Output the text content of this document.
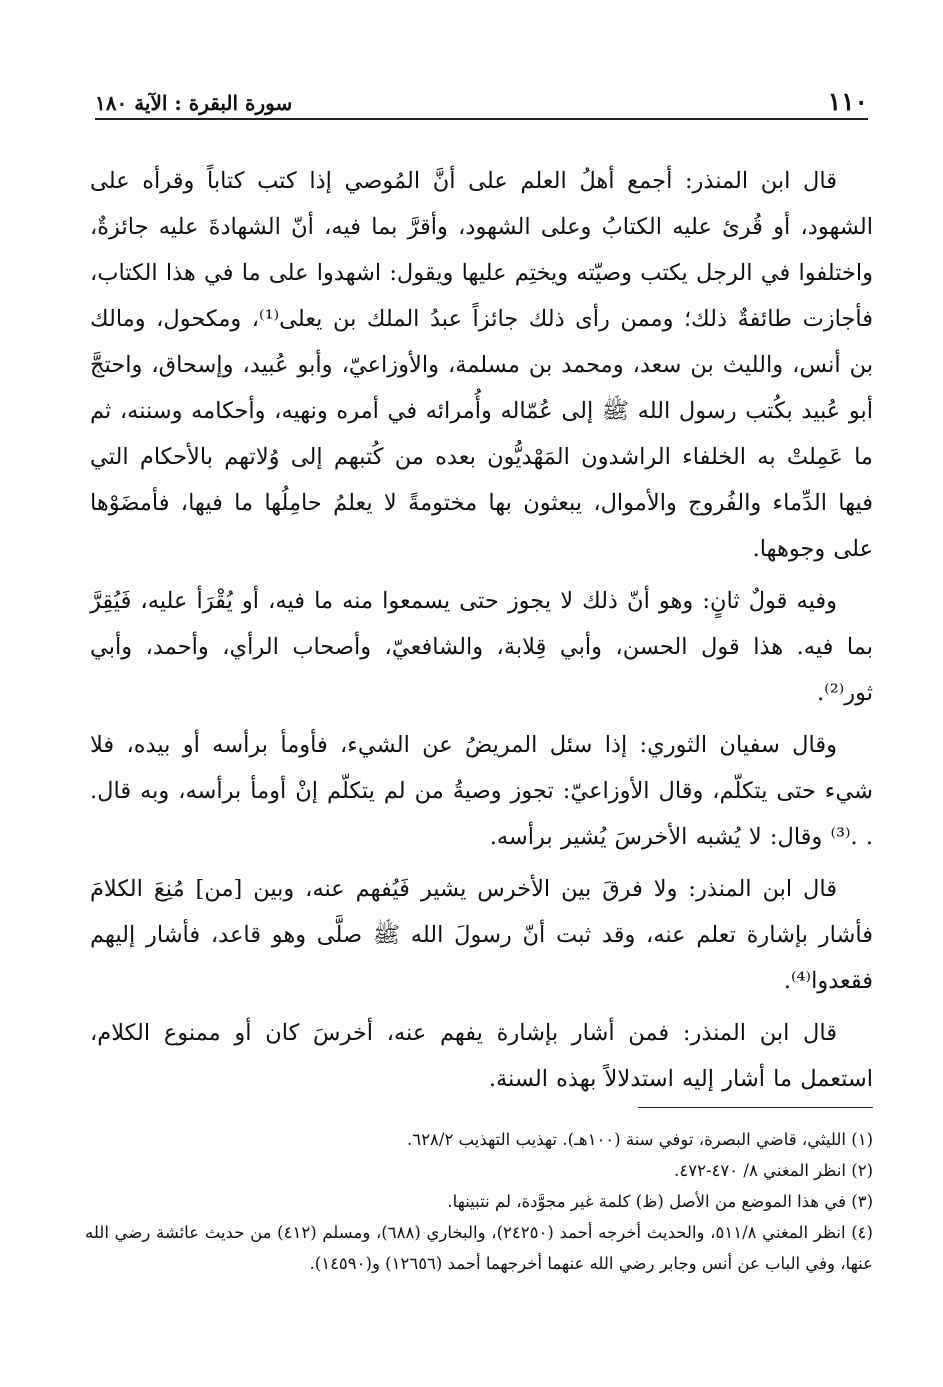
١١٠
سورة البقرة : الآية ١٨٠

قال ابن المنذر: أجمع أهلُ العلم على أنَّ المُوصي إذا كتب كتاباً وقرأه على الشهود، أو قُرئ عليه الكتابُ وعلى الشهود، وأقرَّ بما فيه، أنّ الشهادةَ عليه جائزةٌ، واختلفوا في الرجل يكتب وصيّته ويختِم عليها ويقول: اشهدوا على ما في هذا الكتاب، فأجازت طائفةٌ ذلك؛ وممن رأى ذلك جائزاً عبدُ الملك بن يعلى⁽¹⁾، ومكحول، ومالك بن أنس، والليث بن سعد، ومحمد بن مسلمة، والأوزاعيّ، وأبو عُبيد، وإسحاق، واحتجَّ أبو عُبيد بكُتب رسول الله ﷺ إلى عُمّاله وأُمرائه في أمره ونهيه، وأحكامه وسننه، ثم ما عَمِلتْ به الخلفاء الراشدون المَهْديُّون بعده من كُتبهم إلى وُلاتهم بالأحكام التي فيها الدِّماء والفُروج والأموال، يبعثون بها مختومةً لا يعلمُ حامِلُها ما فيها، فأمضَوْها على وجوهها.

وفيه قولٌ ثانٍ: وهو أنّ ذلك لا يجوز حتى يسمعوا منه ما فيه، أو يُقْرَأ عليه، فَيُقِرَّ بما فيه. هذا قول الحسن، وأبي قِلابة، والشافعيّ، وأصحاب الرأي، وأحمد، وأبي ثور⁽²⁾.

وقال سفيان الثوري: إذا سئل المريضُ عن الشيء، فأومأ برأسه أو بيده، فلا شيء حتى يتكلّم، وقال الأوزاعيّ: تجوز وصيةُ من لم يتكلّم إنْ أومأ برأسه، وبه قال. . .⁽³⁾ وقال: لا يُشبه الأخرسَ يُشير برأسه.

قال ابن المنذر: ولا فرقَ بين الأخرس يشير فَيُفهم عنه، وبين [من] مُنِعَ الكلامَ فأشار بإشارة تعلم عنه، وقد ثبت أنّ رسولَ الله ﷺ صلَّى وهو قاعد، فأشار إليهم فقعدوا⁽⁴⁾.

قال ابن المنذر: فمن أشار بإشارة يفهم عنه، أخرسَ كان أو ممنوع الكلام، استعمل ما أشار إليه استدلالاً بهذه السنة.

(١) الليثي، قاضي البصرة، توفي سنة (١٠٠هـ). تهذيب التهذيب ٦٢٨/٢.

(٢) انظر المغني ٨/ ٤٧٠-٤٧٢.

(٣) في هذا الموضع من الأصل (ظ) كلمة غير مجوَّدة، لم نتبينها.

(٤) انظر المغني ٥١١/٨، والحديث أخرجه أحمد (٢٤٢٥٠)، والبخاري (٦٨٨)، ومسلم (٤١٢) من حديث عائشة رضي الله عنها، وفي الباب عن أنس وجابر رضي الله عنهما أخرجهما أحمد (١٢٦٥٦) و(١٤٥٩٠).
